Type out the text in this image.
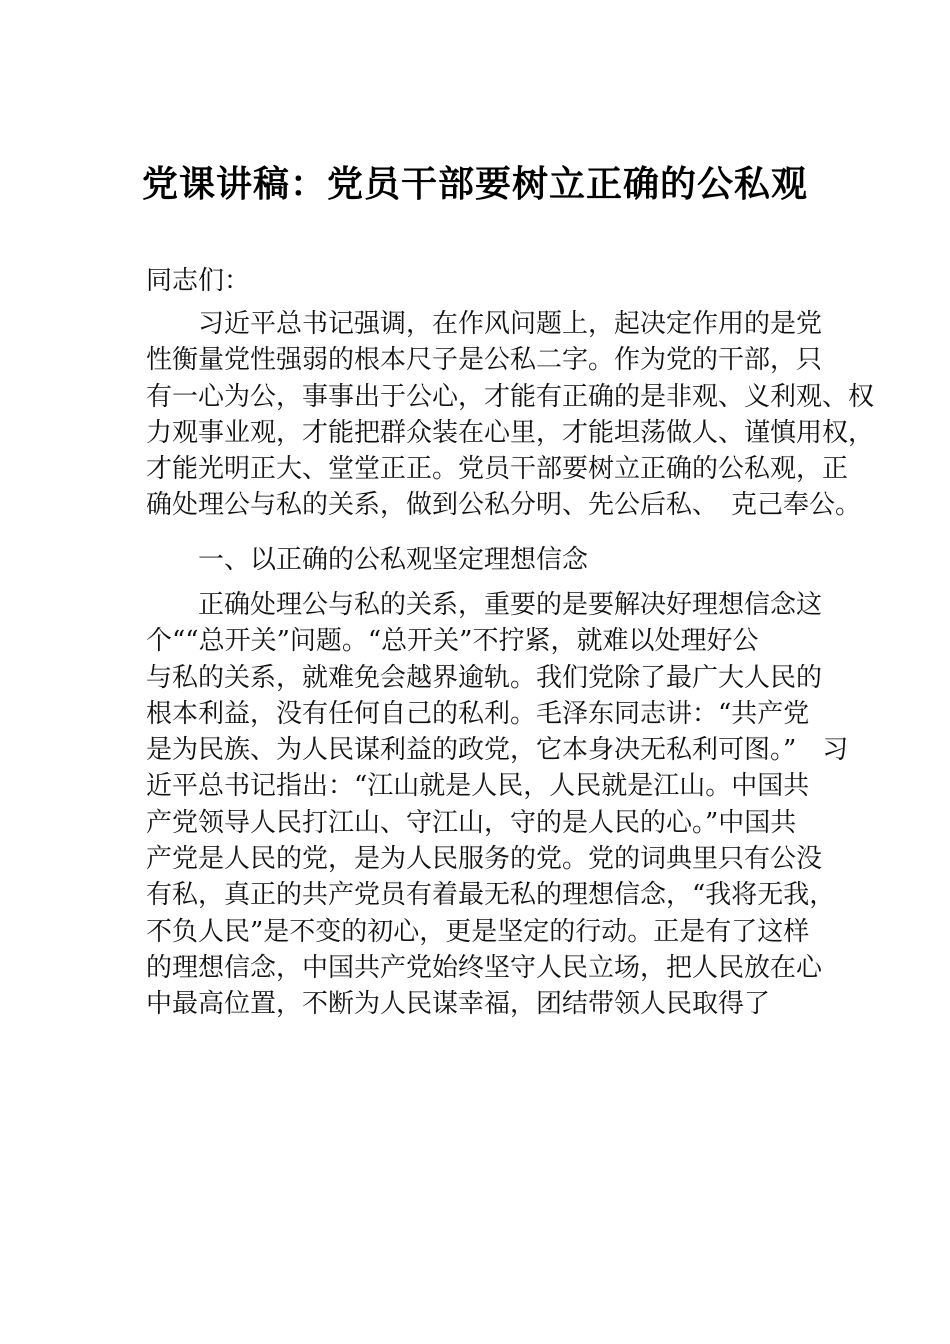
党课讲稿：党员干部要树立正确的公私观
同志们：
习近平总书记强调，在作风问题上，起决定作用的是党
性衡量党性强弱的根本尺子是公私二字。作为党的干部，只
有一心为公，事事出于公心，才能有正确的是非观、义利观、权
力观事业观，才能把群众装在心里，才能坦荡做人、谨慎用权，
才能光明正大、堂堂正正。党员干部要树立正确的公私观，正
确处理公与私的关系，做到公私分明、先公后私、　克己奉公。
一、以正确的公私观坚定理想信念
正确处理公与私的关系，重要的是要解决好理想信念这
个““总开关”问题。“总开关”不拧紧，就难以处理好公
与私的关系，就难免会越界逾轨。我们党除了最广大人民的
根本利益，没有任何自己的私利。毛泽东同志讲：“共产党
是为民族、为人民谋利益的政党，它本身决无私利可图。”　习
近平总书记指出：“江山就是人民，人民就是江山。中国共
产党领导人民打江山、守江山，守的是人民的心。”中国共
产党是人民的党，是为人民服务的党。党的词典里只有公没
有私，真正的共产党员有着最无私的理想信念，“我将无我，
不负人民”是不变的初心，更是坚定的行动。正是有了这样
的理想信念，中国共产党始终坚守人民立场，把人民放在心
中最高位置，不断为人民谋幸福，团结带领人民取得了
